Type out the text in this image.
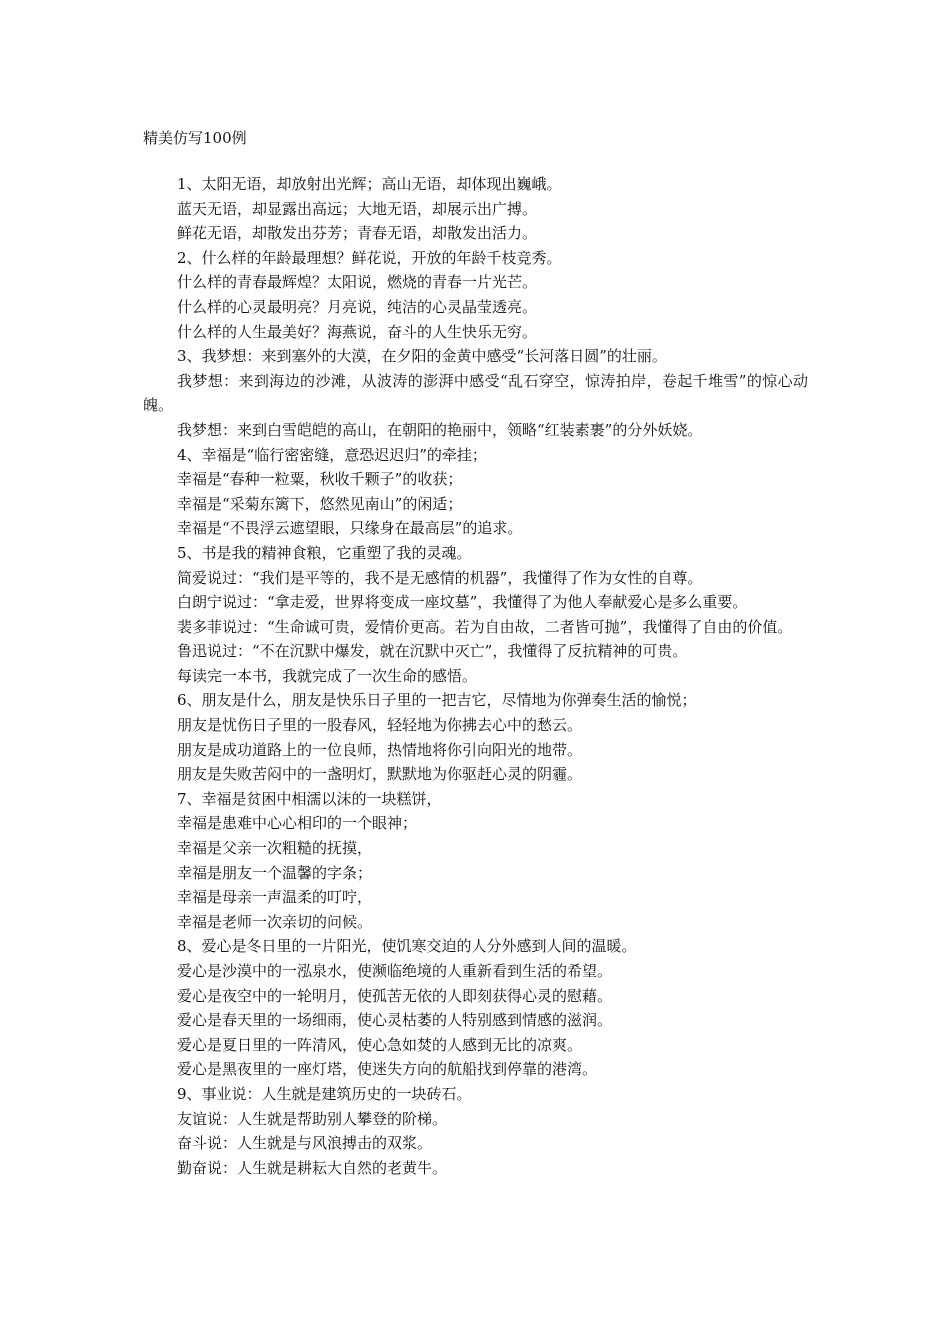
精美仿写100例

1、太阳无语，却放射出光辉；高山无语，却体现出巍峨。

蓝天无语，却显露出高远；大地无语，却展示出广搏。

鲜花无语，却散发出芬芳；青春无语，却散发出活力。

2、什么样的年龄最理想？鲜花说，开放的年龄千枝竞秀。

什么样的青春最辉煌？太阳说，燃烧的青春一片光芒。

什么样的心灵最明亮？月亮说，纯洁的心灵晶莹透亮。

什么样的人生最美好？海燕说，奋斗的人生快乐无穷。

3、我梦想：来到塞外的大漠，在夕阳的金黄中感受“长河落日圆”的壮丽。

我梦想：来到海边的沙滩，从波涛的澎湃中感受“乱石穿空，惊涛拍岸，卷起千堆雪”的惊心动魄。

我梦想：来到白雪皑皑的高山，在朝阳的艳丽中，领略“红装素裹”的分外妖娆。

4、幸福是“临行密密缝，意恐迟迟归”的牵挂；

幸福是“春种一粒粟，秋收千颗子”的收获；

幸福是“采菊东篱下，悠然见南山”的闲适；

幸福是“不畏浮云遮望眼，只缘身在最高层”的追求。

5、书是我的精神食粮，它重塑了我的灵魂。

简爱说过：“我们是平等的，我不是无感情的机器”，我懂得了作为女性的自尊。

白朗宁说过：“拿走爱，世界将变成一座坟墓”，我懂得了为他人奉献爱心是多么重要。

裴多菲说过：“生命诚可贵，爱情价更高。若为自由故，二者皆可抛”，我懂得了自由的价值。

鲁迅说过：“不在沉默中爆发，就在沉默中灭亡”，我懂得了反抗精神的可贵。

每读完一本书，我就完成了一次生命的感悟。

6、朋友是什么，朋友是快乐日子里的一把吉它，尽情地为你弹奏生活的愉悦；

朋友是忧伤日子里的一股春风，轻轻地为你拂去心中的愁云。

朋友是成功道路上的一位良师，热情地将你引向阳光的地带。

朋友是失败苦闷中的一盏明灯，默默地为你驱赶心灵的阴霾。

7、幸福是贫困中相濡以沫的一块糕饼，

幸福是患难中心心相印的一个眼神；

幸福是父亲一次粗糙的抚摸，

幸福是朋友一个温馨的字条；

幸福是母亲一声温柔的叮咛，

幸福是老师一次亲切的问候。

8、爱心是冬日里的一片阳光，使饥寒交迫的人分外感到人间的温暖。

爱心是沙漠中的一泓泉水，使濒临绝境的人重新看到生活的希望。

爱心是夜空中的一轮明月，使孤苦无依的人即刻获得心灵的慰藉。

爱心是春天里的一场细雨，使心灵枯萎的人特别感到情感的滋润。

爱心是夏日里的一阵清风，使心急如焚的人感到无比的凉爽。

爱心是黑夜里的一座灯塔，使迷失方向的航船找到停靠的港湾。

9、事业说：人生就是建筑历史的一块砖石。

友谊说：人生就是帮助别人攀登的阶梯。

奋斗说：人生就是与风浪搏击的双浆。

勤奋说：人生就是耕耘大自然的老黄牛。
